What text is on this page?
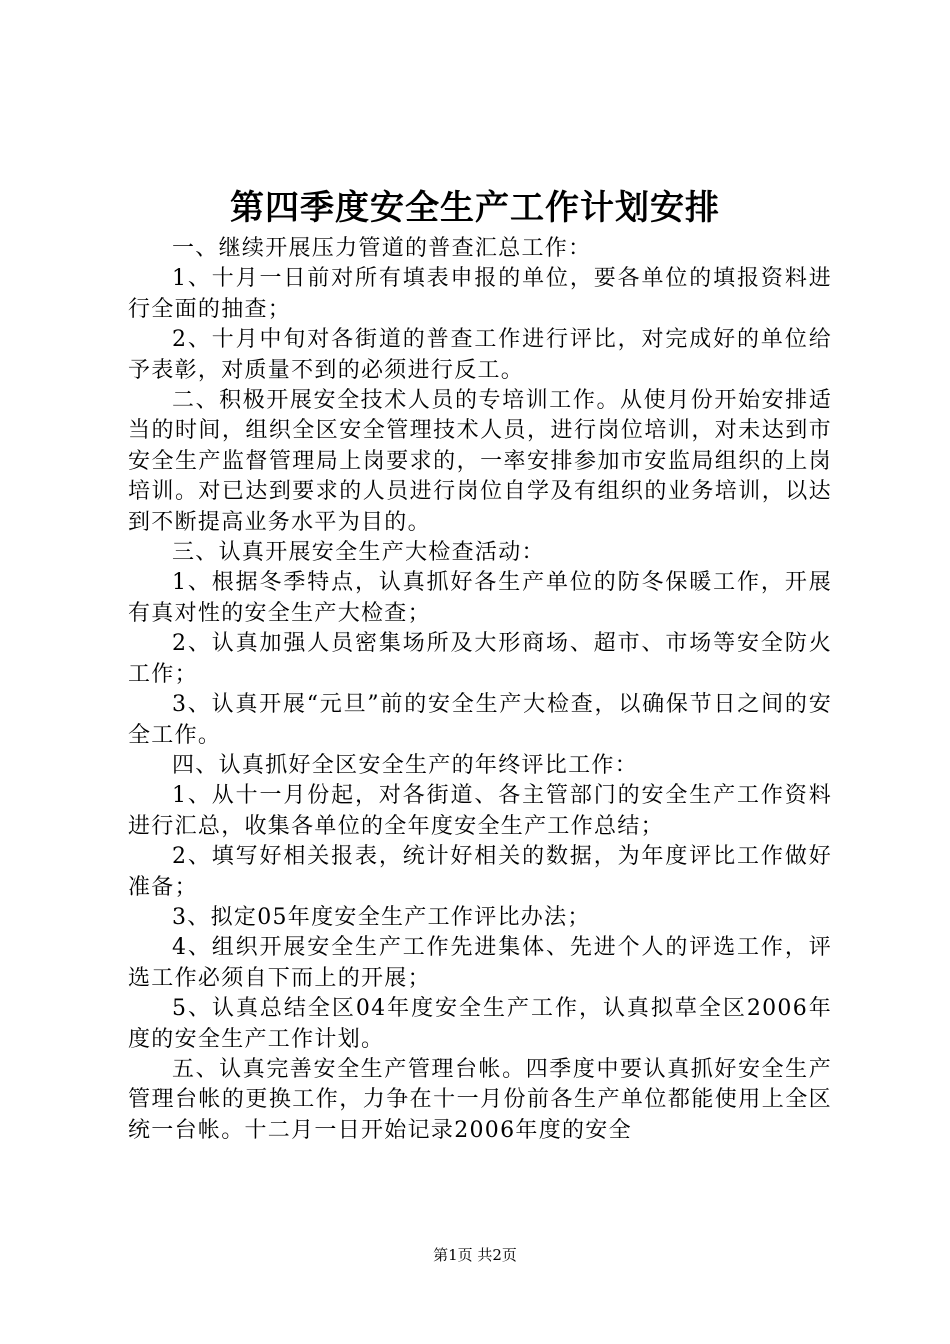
第四季度安全生产工作计划安排

一、继续开展压力管道的普查汇总工作：

1、十月一日前对所有填表申报的单位，要各单位的填报资料进行全面的抽查；

2、十月中旬对各街道的普查工作进行评比，对完成好的单位给予表彰，对质量不到的必须进行反工。

二、积极开展安全技术人员的专培训工作。从使月份开始安排适当的时间，组织全区安全管理技术人员，进行岗位培训，对未达到市安全生产监督管理局上岗要求的，一率安排参加市安监局组织的上岗培训。对已达到要求的人员进行岗位自学及有组织的业务培训，以达到不断提高业务水平为目的。

三、认真开展安全生产大检查活动：

1、根据冬季特点，认真抓好各生产单位的防冬保暖工作，开展有真对性的安全生产大检查；

2、认真加强人员密集场所及大形商场、超市、市场等安全防火工作；

3、认真开展“元旦”前的安全生产大检查，以确保节日之间的安全工作。

四、认真抓好全区安全生产的年终评比工作：

1、从十一月份起，对各街道、各主管部门的安全生产工作资料进行汇总，收集各单位的全年度安全生产工作总结；

2、填写好相关报表，统计好相关的数据，为年度评比工作做好准备；

3、拟定05年度安全生产工作评比办法；

4、组织开展安全生产工作先进集体、先进个人的评选工作，评选工作必须自下而上的开展；

5、认真总结全区04年度安全生产工作，认真拟草全区2006年度的安全生产工作计划。

五、认真完善安全生产管理台帐。四季度中要认真抓好安全生产管理台帐的更换工作，力争在十一月份前各生产单位都能使用上全区统一台帐。十二月一日开始记录2006年度的安全

第1页 共2页
